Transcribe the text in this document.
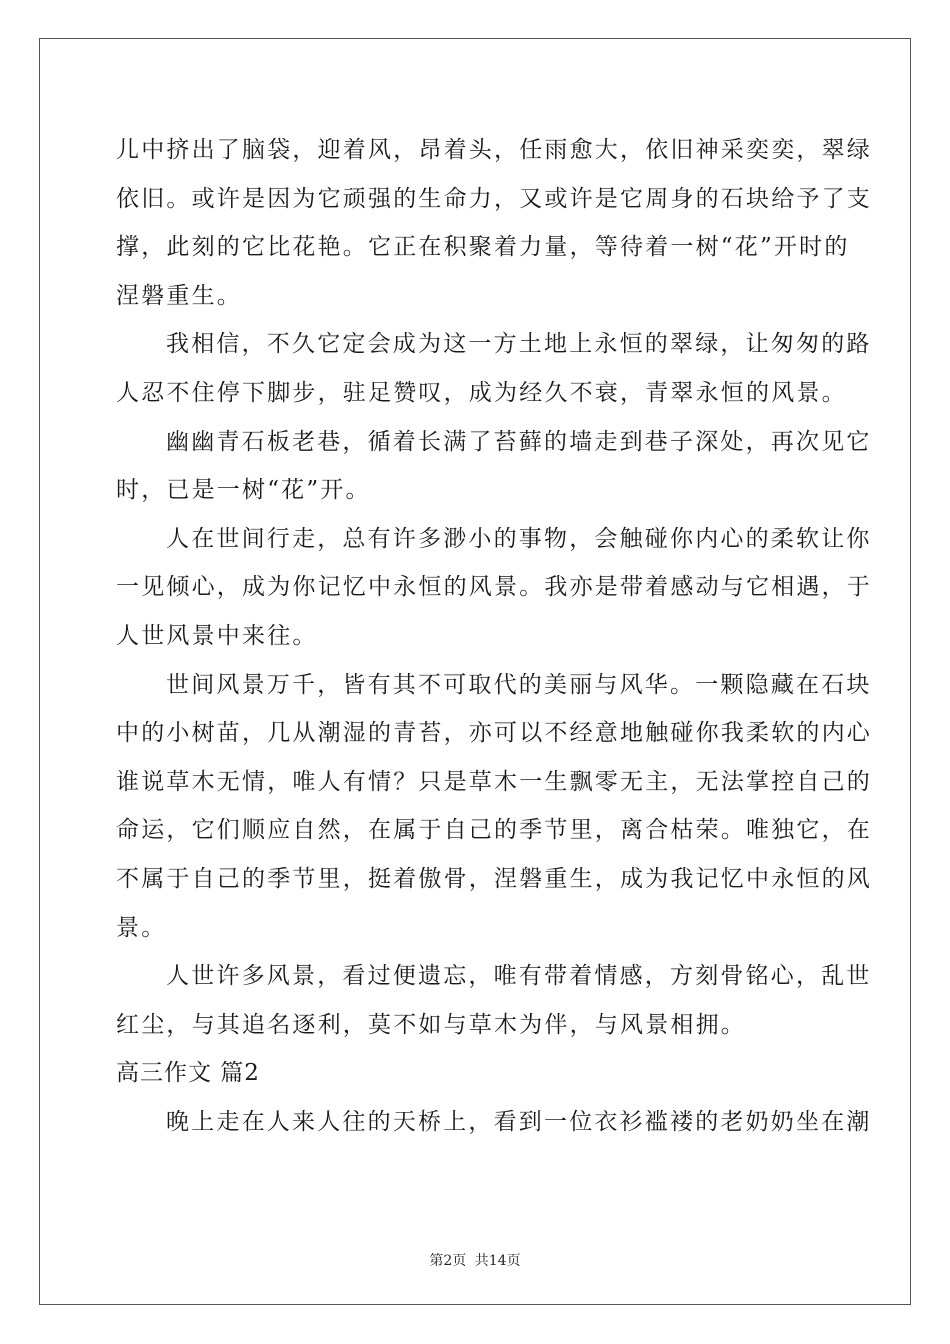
儿中挤出了脑袋，迎着风，昂着头，任雨愈大，依旧神采奕奕，翠绿
依旧。或许是因为它顽强的生命力，又或许是它周身的石块给予了支
撑，此刻的它比花艳。它正在积聚着力量，等待着一树“花”开时的
涅磐重生。
我相信，不久它定会成为这一方土地上永恒的翠绿，让匆匆的路
人忍不住停下脚步，驻足赞叹，成为经久不衰，青翠永恒的风景。
幽幽青石板老巷，循着长满了苔藓的墙走到巷子深处，再次见它
时，已是一树“花”开。
人在世间行走，总有许多渺小的事物，会触碰你内心的柔软让你
一见倾心，成为你记忆中永恒的风景。我亦是带着感动与它相遇，于
人世风景中来往。
世间风景万千，皆有其不可取代的美丽与风华。一颗隐藏在石块
中的小树苗，几从潮湿的青苔，亦可以不经意地触碰你我柔软的内心
谁说草木无情，唯人有情？只是草木一生飘零无主，无法掌控自己的
命运，它们顺应自然，在属于自己的季节里，离合枯荣。唯独它，在
不属于自己的季节里，挺着傲骨，涅磐重生，成为我记忆中永恒的风
景。
人世许多风景，看过便遗忘，唯有带着情感，方刻骨铭心，乱世
红尘，与其追名逐利，莫不如与草木为伴，与风景相拥。
高三作文 篇2
晚上走在人来人往的天桥上，看到一位衣衫褴褛的老奶奶坐在潮
第2页 共14页
